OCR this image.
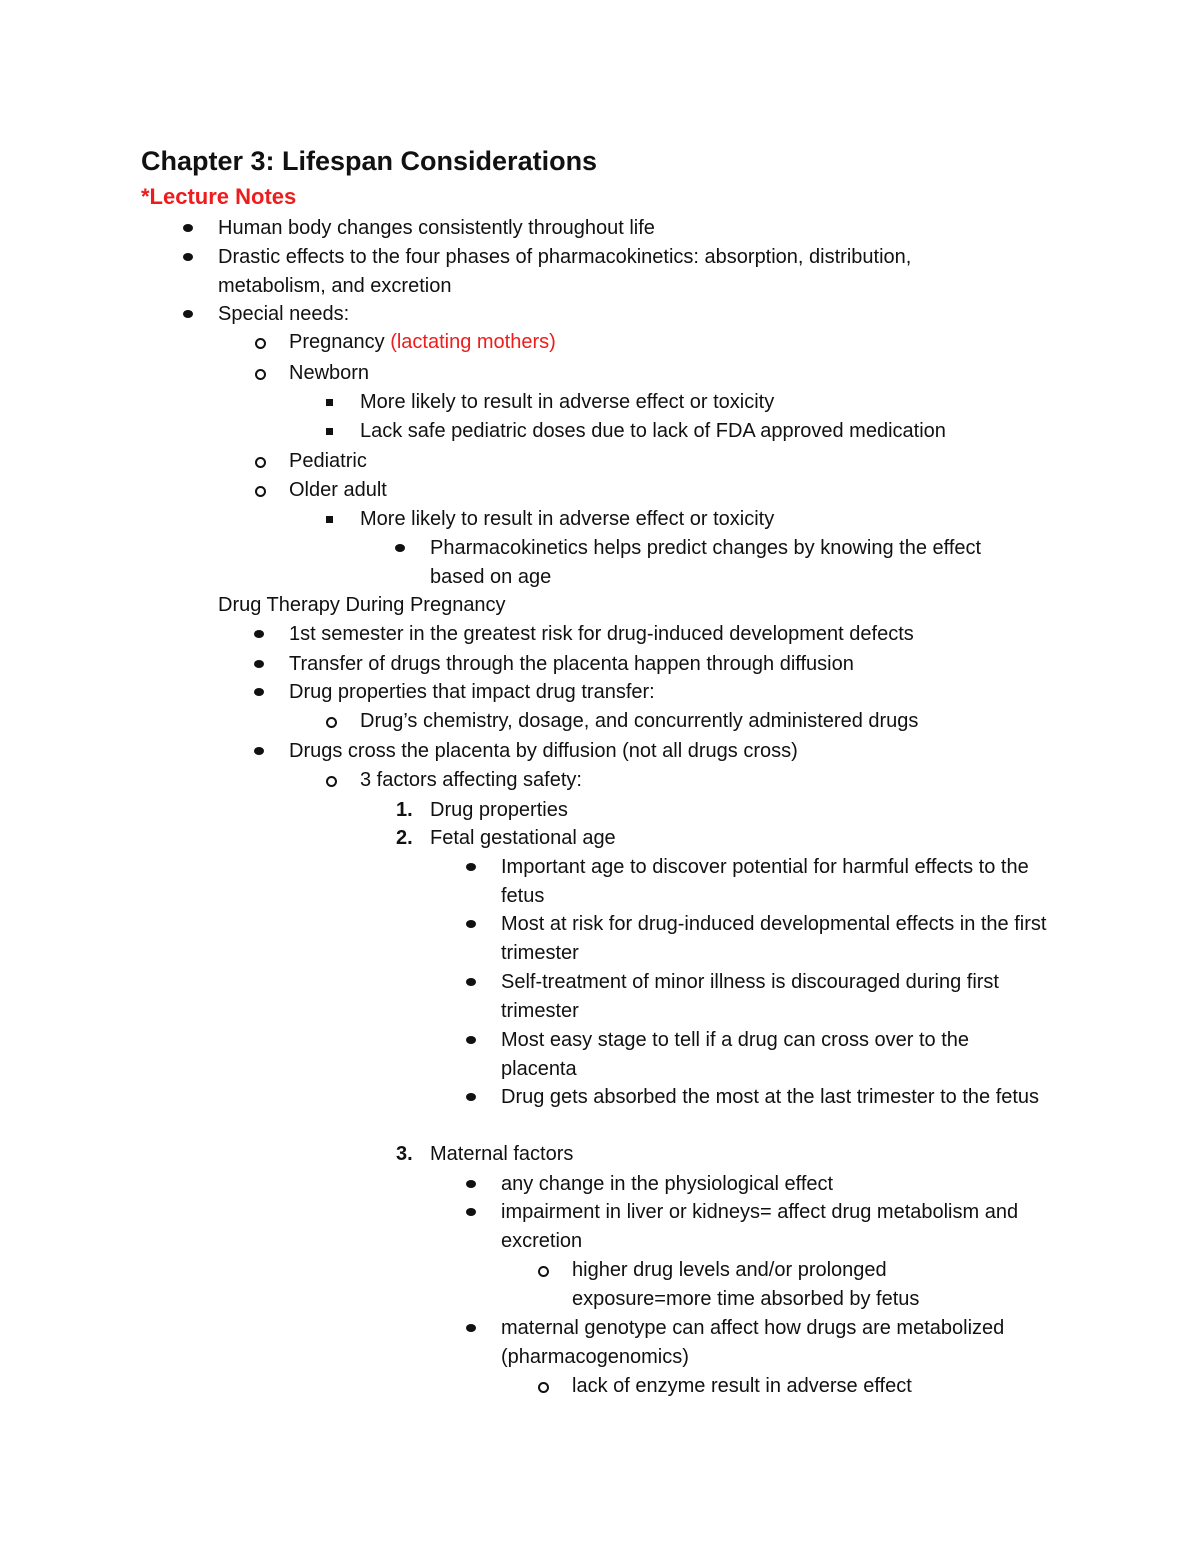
Chapter 3: Lifespan Considerations
*Lecture Notes
Human body changes consistently throughout life
Drastic effects to the four phases of pharmacokinetics: absorption, distribution, metabolism, and excretion
Special needs:
Pregnancy (lactating mothers)
Newborn
More likely to result in adverse effect or toxicity
Lack safe pediatric doses due to lack of FDA approved medication
Pediatric
Older adult
More likely to result in adverse effect or toxicity
Pharmacokinetics helps predict changes by knowing the effect based on age
Drug Therapy During Pregnancy
1st semester in the greatest risk for drug-induced development defects
Transfer of drugs through the placenta happen through diffusion
Drug properties that impact drug transfer:
Drug’s chemistry, dosage, and concurrently administered drugs
Drugs cross the placenta by diffusion (not all drugs cross)
3 factors affecting safety:
1. Drug properties
2. Fetal gestational age
Important age to discover potential for harmful effects to the fetus
Most at risk for drug-induced developmental effects in the first trimester
Self-treatment of minor illness is discouraged during first trimester
Most easy stage to tell if a drug can cross over to the placenta
Drug gets absorbed the most at the last trimester to the fetus
3. Maternal factors
any change in the physiological effect
impairment in liver or kidneys= affect drug metabolism and excretion
higher drug levels and/or prolonged exposure=more time absorbed by fetus
maternal genotype can affect how drugs are metabolized (pharmacogenomics)
lack of enzyme result in adverse effect
